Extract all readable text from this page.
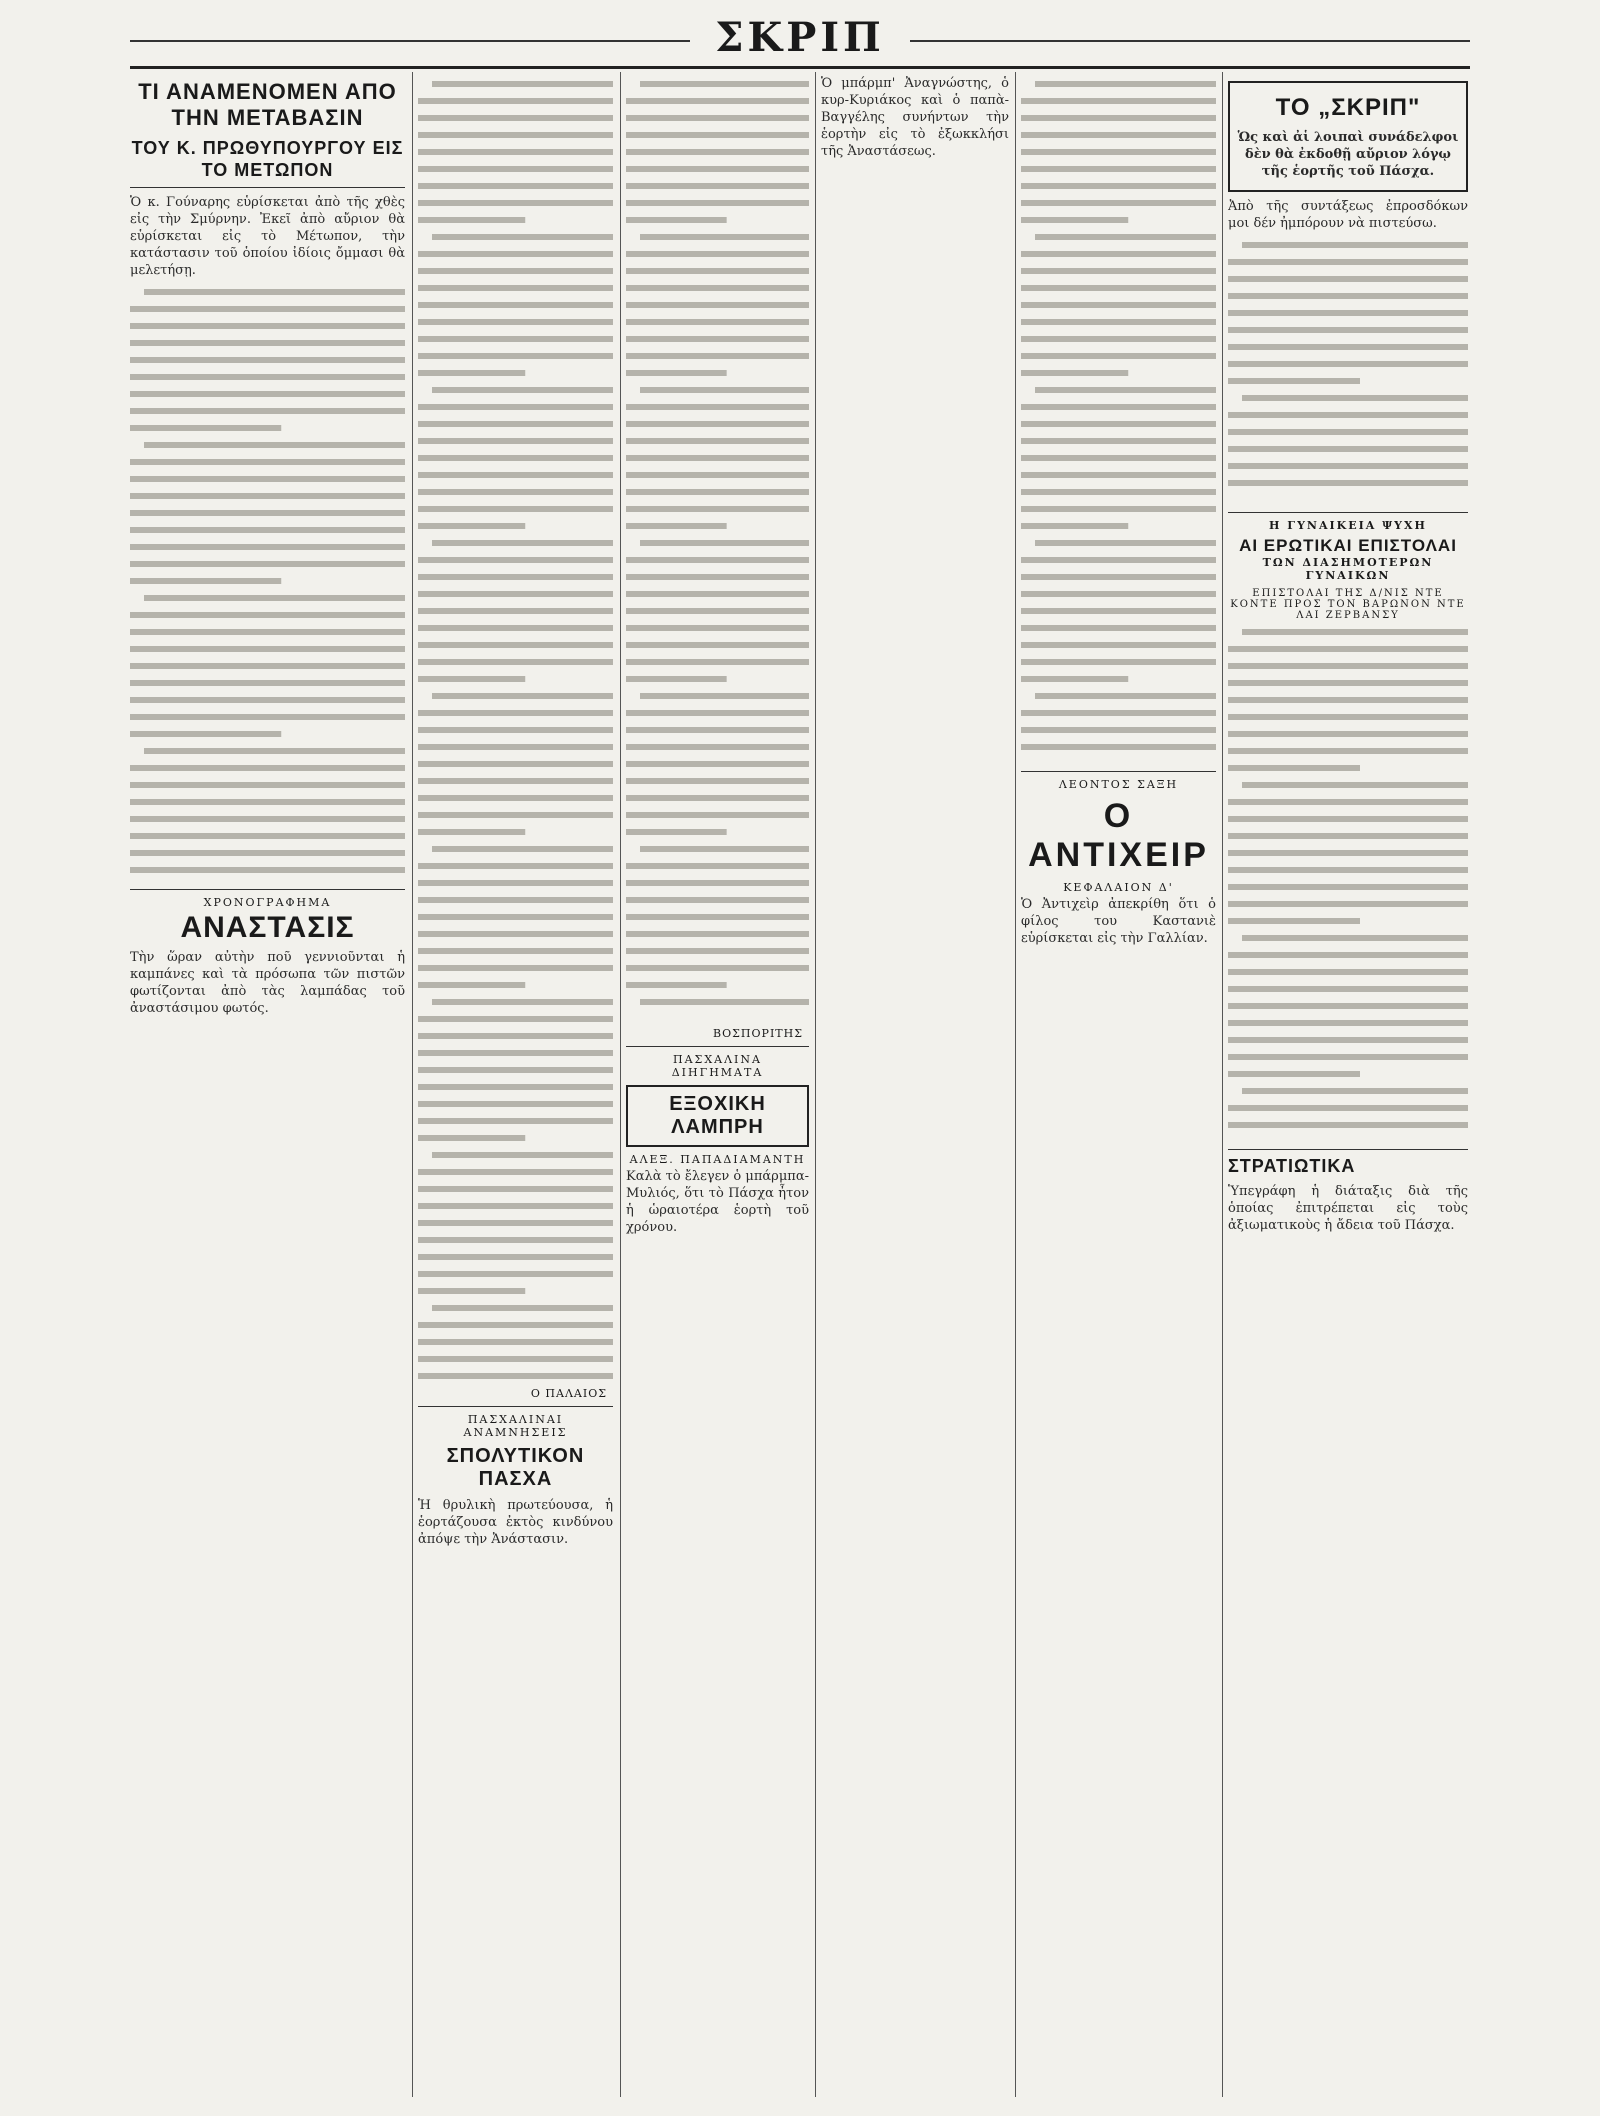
ΣΚΡΙΠ
ΤΙ ΑΝΑΜΕΝΟΜΕΝ ΑΠΟ ΤΗΝ ΜΕΤΑΒΑΣΙΝ
ΤΟΥ Κ. ΠΡΩΘΥΠΟΥΡΓΟΥ ΕΙΣ ΤΟ ΜΕΤΩΠΟΝ

Ὁ κ. Γούναρης εὑρίσκεται ἀπὸ τῆς χθὲς εἰς τὴν Σμύρνην. Ἐκεῖ ἀπὸ αὔριον θὰ εὑρίσκεται εἰς τὸ Μέτωπον, τὴν κατάστασιν τοῦ ὁποίου ἰδίοις ὄμμασι θὰ μελετήσῃ.

ΧΡΟΝΟΓΡΑΦΗΜΑ
ΑΝΑΣΤΑΣΙΣ

Τὴν ὥραν αὐτὴν ποῦ γεννιοῦνται ἡ καμπάνες καὶ τὰ πρόσωπα τῶν πιστῶν φωτίζονται ἀπὸ τὰς λαμπάδας τοῦ ἀναστάσιμου φωτός.

Ο ΠΑΛΑΙΟΣ
ΠΑΣΧΑΛΙΝΑΙ ΑΝΑΜΝΗΣΕΙΣ
ΣΠΟΛΥΤΙΚΟΝ ΠΑΣΧΑ

Ἡ θρυλικὴ πρωτεύουσα, ἡ ἑορτάζουσα ἐκτὸς κινδύνου ἀπόψε τὴν Ἀνάστασιν.

ΒΟΣΠΟΡΙΤΗΣ
ΠΑΣΧΑΛΙΝΑ ΔΙΗΓΗΜΑΤΑ
ΕΞΟΧΙΚΗ ΛΑΜΠΡΗ
ΑΛΕΞ. ΠΑΠΑΔΙΑΜΑΝΤΗ

Καλὰ τὸ ἔλεγεν ὁ μπάρμπα-Μυλιός, ὅτι τὸ Πάσχα ἦτον ἡ ὡραιοτέρα ἑορτὴ τοῦ χρόνου.

Ὁ μπάρμπ' Ἀναγνώστης, ὁ κυρ-Κυριάκος καὶ ὁ παπὰ-Βαγγέλης συνήντων τὴν ἑορτὴν εἰς τὸ ἐξωκκλήσι τῆς Ἀναστάσεως.

ΛΕΟΝΤΟΣ ΣΑΞΗ
Ο ΑΝΤΙΧΕΙΡ
ΚΕΦΑΛΑΙΟΝ Δ'

Ὁ Ἀντιχεὶρ ἀπεκρίθη ὅτι ὁ φίλος του Καστανιὲ εὑρίσκεται εἰς τὴν Γαλλίαν.

ΤΟ „ΣΚΡΙΠ"
Ὡς καὶ ἀἱ λοιπαὶ συνάδελφοι δὲν θὰ ἐκδοθῇ αὔριον λόγῳ τῆς ἑορτῆς τοῦ Πάσχα.

Ἀπὸ τῆς συντάξεως ἐπροσδόκων μοι δέν ἠμπόρουν νὰ πιστεύσω.

Η ΓΥΝΑΙΚΕΙΑ ΨΥΧΗ
ΑΙ ΕΡΩΤΙΚΑΙ ΕΠΙΣΤΟΛΑΙ
ΤΩΝ ΔΙΑΣΗΜΟΤΕΡΩΝ ΓΥΝΑΙΚΩΝ
ΕΠΙΣΤΟΛΑΙ ΤΗΣ Δ/ΝΙΣ ΝΤΕ ΚΟΝΤΕ ΠΡΟΣ ΤΟΝ ΒΑΡΩΝΟΝ ΝΤΕ ΛΑΙ ΖΕΡΒΑΝΣΥ
ΣΤΡΑΤΙΩΤΙΚΑ

Ὑπεγράφη ἡ διάταξις διὰ τῆς ὁποίας ἐπιτρέπεται εἰς τοὺς ἀξιωματικοὺς ἡ ἄδεια τοῦ Πάσχα.
